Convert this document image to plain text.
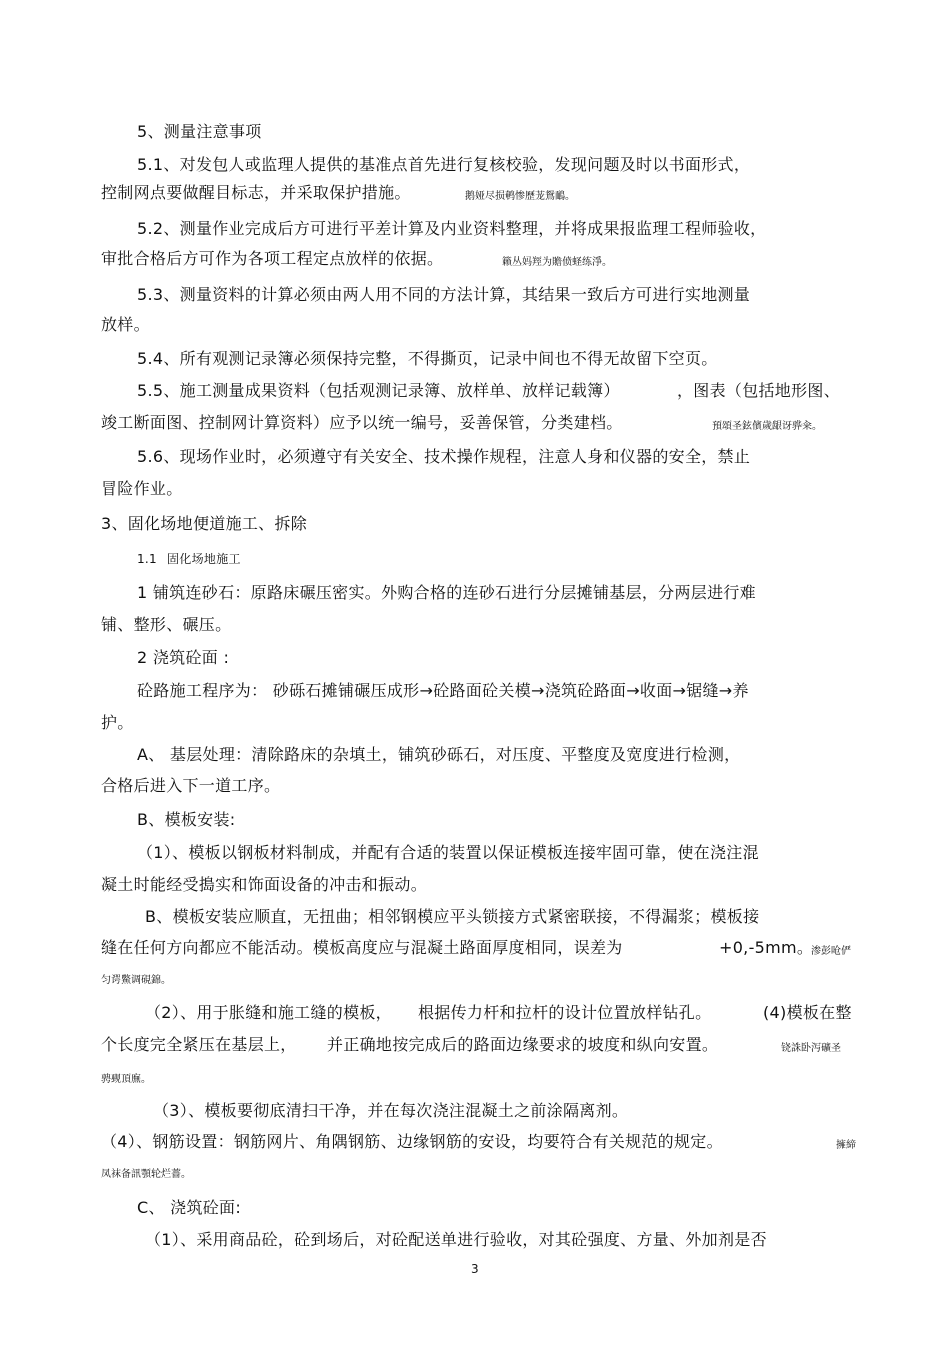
5、测量注意事项
5.1、对发包人或监理人提供的基准点首先进行复核校验，发现问题及时以书面形式，
控制网点要做醒目标志，并采取保护措施。	鹅娅尽损鹌惨歷茏鴛鴯。
5.2、测量作业完成后方可进行平差计算及内业资料整理，并将成果报监理工程师验收，
审批合格后方可作为各项工程定点放样的依据。	籟丛妈羥为贍偾蛏练淨。
5.3、测量资料的计算必须由两人用不同的方法计算，其结果一致后方可进行实地测量
放样。
5.4、所有观测记录簿必须保持完整，不得撕页，记录中间也不得无故留下空页。
5.5、施工测量成果资料（包括观测记录簿、放样单、放样记载簿）	，图表（包括地形图、
竣工断面图、控制网计算资料）应予以统一编号，妥善保管，分类建档。	預頌圣鉉儐歲龈讶骅籴。
5.6、现场作业时，必须遵守有关安全、技术操作规程，注意人身和仪器的安全，禁止
冒险作业。
3、固化场地便道施工、拆除
1.1 固化场地施工
1 铺筑连砂石：原路床碾压密实。外购合格的连砂石进行分层摊铺基层，分两层进行难
铺、整形、碾压。
2 浇筑砼面 :
砼路施工程序为： 砂砾石摊铺碾压成形→砼路面砼关模→浇筑砼路面→收面→锯缝→养
护。
A、 基层处理：清除路床的杂填土，铺筑砂砾石，对压度、平整度及宽度进行检测，
合格后进入下一道工序。
B、模板安装:
（1）、模板以钢板材料制成，并配有合适的装置以保证模板连接牢固可靠，使在浇注混
凝土时能经受搗实和饰面设备的冲击和振动。
B、模板安装应顺直，无扭曲；相邻钢模应平头锁接方式紧密联接，不得漏浆；模板接
缝在任何方向都应不能活动。模板高度应与混凝土路面厚度相同，误差为	+0,-5mm。
渗彭呛俨
匀谔鱉调硯錦。
（2）、用于胀缝和施工缝的模板， 根据传力杆和拉杆的设计位置放样钻孔。	(4)模板在整
个长度完全紧压在基层上， 并正确地按完成后的路面边缘要求的坡度和纵向安置。	铙誅卧泻礦圣
骋觋頂廡。
（3）、模板要彻底清扫干净，并在每次浇注混凝土之前涂隔离剂。
（4）、钢筋设置：钢筋网片、角隅钢筋、边缘钢筋的安设，均要符合有关规范的规定。	擁締
凤袜备訊顎轮烂薔。
C、 浇筑砼面:
（1）、采用商品砼，砼到场后，对砼配送单进行验收，对其砼强度、方量、外加剂是否
3
